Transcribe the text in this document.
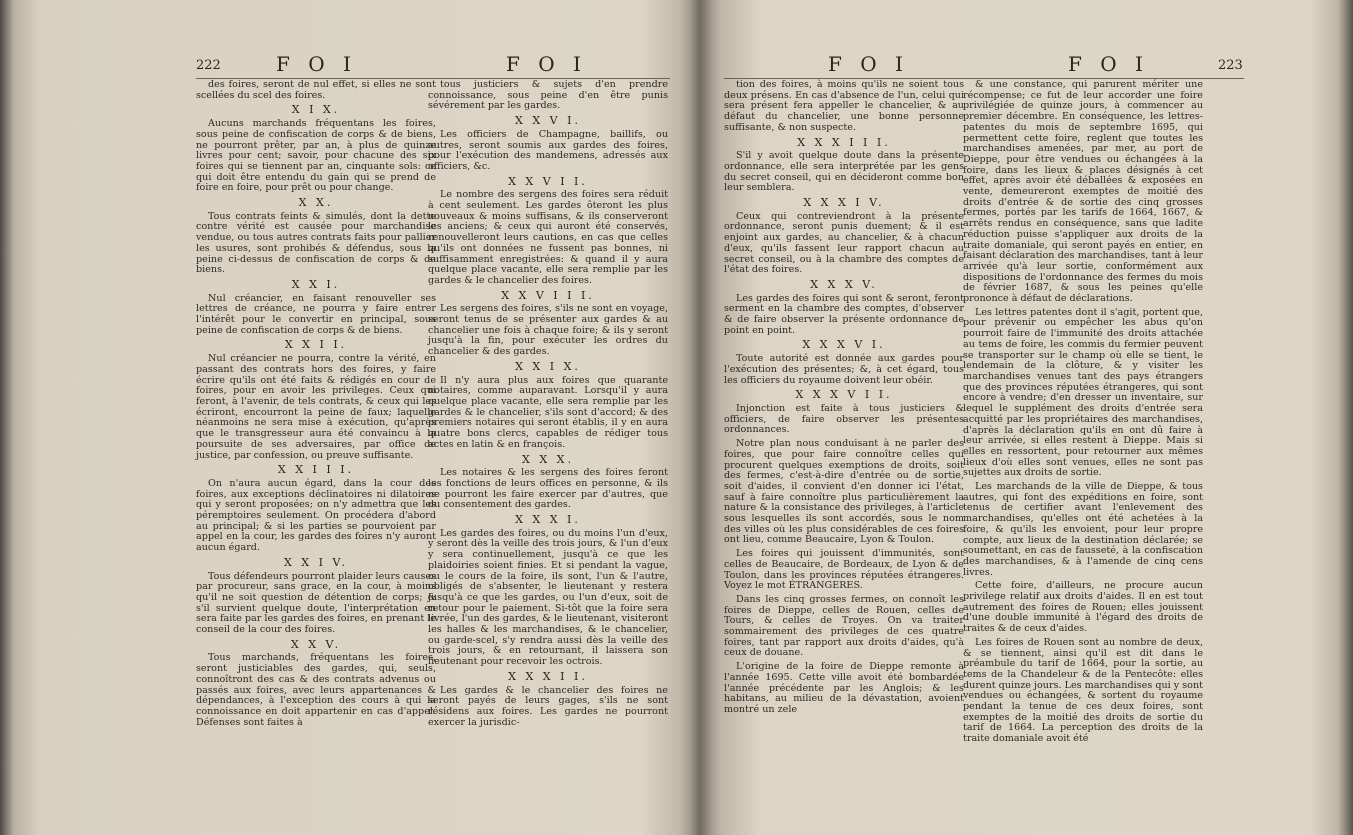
222	F O I	F O I

des foires, seront de nul effet, si elles ne sont scellées du scel des foires.

X I X.

Aucuns marchands fréquentans les foires, sous peine de confiscation de corps & de biens, ne pourront prêter, par an, à plus de quinze livres pour cent; savoir, pour chacune des six foires qui se tiennent par an, cinquante sols: ce qui doit être entendu du gain qui se prend de foire en foire, pour prêt ou pour change.

X X.

Tous contrats feints & simulés, dont la dette contre vérité est causée pour marchandise vendue, ou tous autres contrats faits pour pallier les usures, sont prohibés & défendus, sous la peine ci-dessus de confiscation de corps & de biens.

X X I.

Nul créancier, en faisant renouveller ses lettres de créance, ne pourra y faire entrer l'intérêt pour le convertir en principal, sous peine de confiscation de corps & de biens.

X X I I.

Nul créancier ne pourra, contre la vérité, en passant des contrats hors des foires, y faire écrire qu'ils ont été faits & rédigés en cour de foires, pour en avoir les privileges. Ceux qui feront, à l'avenir, de tels contrats, & ceux qui les écriront, encourront la peine de faux; laquelle néanmoins ne sera mise à exécution, qu'après que le transgresseur aura été convaincu à la poursuite de ses adversaires, par office de justice, par confession, ou preuve suffisante.

X X I I I.

On n'aura aucun égard, dans la cour des foires, aux exceptions déclinatoires ni dilatoires qui y seront proposées; on n'y admettra que les péremptoires seulement. On procédera d'abord au principal; & si les parties se pourvoient par appel en la cour, les gardes des foires n'y auront aucun égard.

X X I V.

Tous défendeurs pourront plaider leurs causes par procureur, sans grace, en la cour, à moins qu'il ne soit question de détention de corps; & s'il survient quelque doute, l'interprétation en sera faite par les gardes des foires, en prenant le conseil de la cour des foires.

X X V.

Tous marchands, fréquentans les foires, seront justiciables des gardes, qui, seuls, connoîtront des cas & des contrats advenus ou passés aux foires, avec leurs appartenances & dépendances, à l'exception des cours à qui la connoissance en doit appartenir en cas d'appel. Défenses sont faites à

tous justiciers & sujets d'en prendre connoissance, sous peine d'en être punis sévérement par les gardes.

X X V I.

Les officiers de Champagne, baillifs, ou autres, seront soumis aux gardes des foires, pour l'exécution des mandemens, adressés aux officiers, &c.

X X V I I.

Le nombre des sergens des foires sera réduit à cent seulement. Les gardes ôteront les plus nouveaux & moins suffisans, & ils conserveront les anciens; & ceux qui auront été conservés, renouvelleront leurs cautions, en cas que celles qu'ils ont données ne fussent pas bonnes, ni suffisamment enregistrées: & quand il y aura quelque place vacante, elle sera remplie par les gardes & le chancelier des foires.

X X V I I I.

Les sergens des foires, s'ils ne sont en voyage, seront tenus de se présenter aux gardes & au chancelier une fois à chaque foire; & ils y seront jusqu'à la fin, pour exécuter les ordres du chancelier & des gardes.

X X I X.

Il n'y aura plus aux foires que quarante notaires, comme auparavant. Lorsqu'il y aura quelque place vacante, elle sera remplie par les gardes & le chancelier, s'ils sont d'accord; & des premiers notaires qui seront établis, il y en aura quatre bons clercs, capables de rédiger tous actes en latin & en françois.

X X X.

Les notaires & les sergens des foires feront les fonctions de leurs offices en personne, & ils ne pourront les faire exercer par d'autres, que du consentement des gardes.

X X X I.

Les gardes des foires, ou du moins l'un d'eux, y seront dès la veille des trois jours, & l'un d'eux y sera continuellement, jusqu'à ce que les plaidoiries soient finies. Et si pendant la vague, ou le cours de la foire, ils sont, l'un & l'autre, obligés de s'absenter, le lieutenant y restera jusqu'à ce que les gardes, ou l'un d'eux, soit de retour pour le paiement. Si-tôt que la foire sera livrée, l'un des gardes, & le lieutenant, visiteront les halles & les marchandises, & le chancelier, ou garde-scel, s'y rendra aussi dès la veille des trois jours, & en retournant, il laissera son lieutenant pour recevoir les octrois.

X X X I I.

Les gardes & le chancelier des foires ne seront payés de leurs gages, s'ils ne sont résidens aux foires. Les gardes ne pourront exercer la jurisdic-

F O I	F O I	223

tion des foires, à moins qu'ils ne soient tous deux présens. En cas d'absence de l'un, celui qui sera présent fera appeller le chancelier, & au défaut du chancelier, une bonne personne suffisante, & non suspecte.

X X X I I I.

S'il y avoit quelque doute dans la présente ordonnance, elle sera interprétée par les gens du secret conseil, qui en décideront comme bon leur semblera.

X X X I V.

Ceux qui contreviendront à la présente ordonnance, seront punis duement; & il est enjoint aux gardes, au chancelier, & à chacun d'eux, qu'ils fassent leur rapport chacun au secret conseil, ou à la chambre des comptes de l'état des foires.

X X X V.

Les gardes des foires qui sont & seront, feront serment en la chambre des comptes, d'observer & de faire observer la présente ordonnance de point en point.

X X X V I.

Toute autorité est donnée aux gardes pour l'exécution des présentes; &, à cet égard, tous les officiers du royaume doivent leur obéir.

X X X V I I.

Injonction est faite à tous justiciers & officiers, de faire observer les présentes ordonnances.

Notre plan nous conduisant à ne parler des foires, que pour faire connoître celles qui procurent quelques exemptions de droits, soit des fermes, c'est-à-dire d'entrée ou de sortie, soit d'aides, il convient d'en donner ici l'état, sauf à faire connoître plus particulièrement la nature & la consistance des privileges, à l'article sous lesquelles ils sont accordés, sous le nom des villes où les plus considérables de ces foires ont lieu, comme Beaucaire, Lyon & Toulon.

Les foires qui jouissent d'immunités, sont celles de Beaucaire, de Bordeaux, de Lyon & de Toulon, dans les provinces réputées étrangeres. Voyez le mot ÉTRANGERES.

Dans les cinq grosses fermes, on connoît les foires de Dieppe, celles de Rouen, celles de Tours, & celles de Troyes. On va traiter sommairement des privileges de ces quatre foires, tant par rapport aux droits d'aides, qu'à ceux de douane.

L'origine de la foire de Dieppe remonte à l'année 1695. Cette ville avoit été bombardée l'année précédente par les Anglois; & les habitans, au milieu de la dévastation, avoient montré un zele

& une constance, qui parurent mériter une récompense; ce fut de leur accorder une foire privilégiée de quinze jours, à commencer au premier décembre. En conséquence, les lettres-patentes du mois de septembre 1695, qui permettent cette foire, reglent que toutes les marchandises amenées, par mer, au port de Dieppe, pour être vendues ou échangées à la foire, dans les lieux & places désignés à cet effet, après avoir été déballées & exposées en vente, demeureront exemptes de moitié des droits d'entrée & de sortie des cinq grosses fermes, portés par les tarifs de 1664, 1667, & arrêts rendus en conséquence, sans que ladite réduction puisse s'appliquer aux droits de la traite domaniale, qui seront payés en entier, en faisant déclaration des marchandises, tant à leur arrivée qu'à leur sortie, conformément aux dispositions de l'ordonnance des fermes du mois de février 1687, & sous les peines qu'elle prononce à défaut de déclarations.

Les lettres patentes dont il s'agit, portent que, pour prévenir ou empêcher les abus qu'on pourroit faire de l'immunité des droits attachée au tems de foire, les commis du fermier peuvent se transporter sur le champ où elle se tient, le lendemain de la clôture, & y visiter les marchandises venues tant des pays étrangers que des provinces réputées étrangeres, qui sont encore à vendre; d'en dresser un inventaire, sur lequel le supplément des droits d'entrée sera acquitté par les propriétaires des marchandises, d'après la déclaration qu'ils en ont dû faire à leur arrivée, si elles restent à Dieppe. Mais si elles en ressortent, pour retourner aux mêmes lieux d'où elles sont venues, elles ne sont pas sujettes aux droits de sortie.

Les marchands de la ville de Dieppe, & tous autres, qui font des expéditions en foire, sont tenus de certifier avant l'enlevement des marchandises, qu'elles ont été achetées à la foire, & qu'ils les envoient, pour leur propre compte, aux lieux de la destination déclarée; se soumettant, en cas de fausseté, à la confiscation des marchandises, & à l'amende de cinq cens livres.

Cette foire, d'ailleurs, ne procure aucun privilege relatif aux droits d'aides. Il en est tout autrement des foires de Rouen; elles jouissent d'une double immunité à l'égard des droits de traites & de ceux d'aides.

Les foires de Rouen sont au nombre de deux, & se tiennent, ainsi qu'il est dit dans le préambule du tarif de 1664, pour la sortie, au tems de la Chandeleur & de la Pentecôte: elles durent quinze jours. Les marchandises qui y sont vendues ou échangées, & sortent du royaume pendant la tenue de ces deux foires, sont exemptes de la moitié des droits de sortie du tarif de 1664. La perception des droits de la traite domaniale avoit été
